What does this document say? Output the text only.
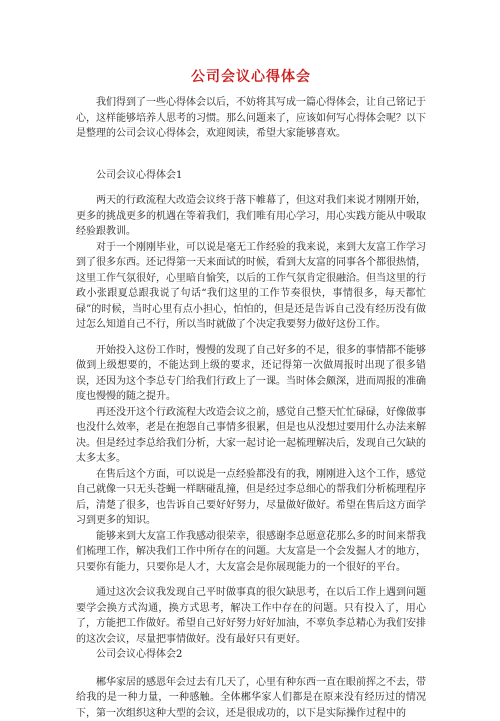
公司会议心得体会

我们得到了一些心得体会以后，不妨将其写成一篇心得体会，让自己铭记于心，这样能够培养人思考的习惯。那么问题来了，应该如何写心得体会呢？以下是整理的公司会议心得体会，欢迎阅读，希望大家能够喜欢。

公司会议心得体会1

两天的行政流程大改造会议终于落下帷幕了，但这对我们来说才刚刚开始，更多的挑战更多的机遇在等着我们，我们唯有用心学习，用心实践方能从中吸取经验跟教训。

对于一个刚刚毕业，可以说是毫无工作经验的我来说，来到大友富工作学习到了很多东西。还记得第一天来面试的时候，看到大友富的同事各个都很热情，这里工作气氛很好，心里暗自愉笑，以后的工作气氛肯定很融洽。但当这里的行政小张跟夏总跟我说了句话“我们这里的工作节奏很快，事情很多，每天都忙碌”的时候，当时心里有点小担心，怕怕的，但是还是告诉自己没有经历没有做过怎么知道自己不行，所以当时就做了个决定我要努力做好这份工作。

开始投入这份工作时，慢慢的发现了自己好多的不足，很多的事情都不能够做到上级想要的，不能达到上级的要求，还记得第一次做周报时出现了很多错误，还因为这个李总专门给我们行政上了一课。当时体会颇深，进而周报的准确度也慢慢的随之提升。

再还没开这个行政流程大改造会议之前，感觉自己整天忙忙碌碌，好像做事也没什么效率，老是在抱怨自己事情多很累，但是也从没想过要用什么办法来解决。但是经过李总给我们分析，大家一起讨论一起梳理解决后，发现自己欠缺的太多太多。

在售后这个方面，可以说是一点经验都没有的我，刚刚进入这个工作，感觉自己就像一只无头苍蝇一样瞎碰乱撞，但是经过李总细心的帮我们分析梳理程序后，清楚了很多，也告诉自己要好好努力，尽量做好做好。希望在售后这方面学习到更多的知识。

能够来到大友富工作我感动很荣幸，很感谢李总愿意花那么多的时间来帮我们梳理工作，解决我们工作中所存在的问题。大友富是一个会发掘人才的地方，只要你有能力，只要你是人才，大友富会是你展现能力的一个很好的平台。

通过这次会议我发现自己平时做事真的很欠缺思考，在以后工作上遇到问题要学会换方式沟通，换方式思考，解决工作中存在的问题。只有投入了，用心了，方能把工作做好。希望自己好好努力好好加油，不辜负李总精心为我们安排的这次会议，尽量把事情做好。没有最好只有更好。

公司会议心得体会2

郴华家居的感恩年会过去有几天了，心里有种东西一直在眼前挥之不去，带给我的是一种力量，一种感触。全体郴华家人们都是在原来没有经历过的情况下，第一次组织这种大型的会议，还是很成功的，以下是实际操作过程中的
